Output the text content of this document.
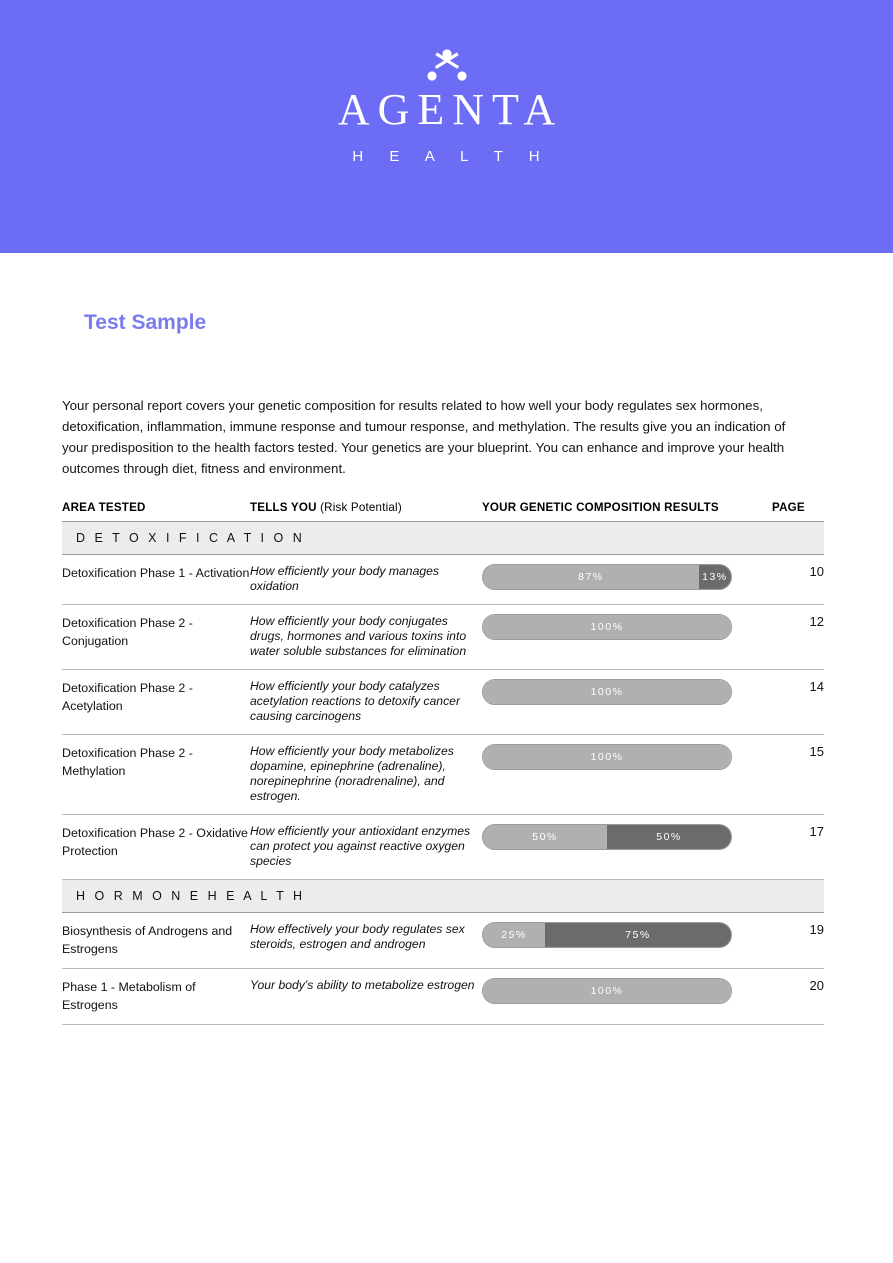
AGENTA
H E A L T H
Test Sample
Your personal report covers your genetic composition for results related to how well your body regulates sex hormones, detoxification, inflammation, immune response and tumour response, and methylation. The results give you an indication of your predisposition to the health factors tested. Your genetics are your blueprint. You can enhance and improve your health outcomes through diet, fitness and environment.
AREA TESTED	TELLS YOU (Risk Potential)	YOUR GENETIC COMPOSITION RESULTS	PAGE
D E T O X I F I C A T I O N			
Detoxification Phase 1 - Activation	How efficiently your body manages oxidation	87% 13%	10
Detoxification Phase 2 - Conjugation	How efficiently your body conjugates drugs, hormones and various toxins into water soluble substances for elimination	100%	12
Detoxification Phase 2 - Acetylation	How efficiently your body catalyzes acetylation reactions to detoxify cancer causing carcinogens	100%	14
Detoxification Phase 2 - Methylation	How efficiently your body metabolizes dopamine, epinephrine (adrenaline), norepinephrine (noradrenaline), and estrogen.	100%	15
Detoxification Phase 2 - Oxidative Protection	How efficiently your antioxidant enzymes can protect you against reactive oxygen species	50% 50%	17
H O R M O N E H E A L T H			
Biosynthesis of Androgens and Estrogens	How effectively your body regulates sex steroids, estrogen and androgen	25% 75%	19
Phase 1 - Metabolism of Estrogens	Your body's ability to metabolize estrogen	100%	20
